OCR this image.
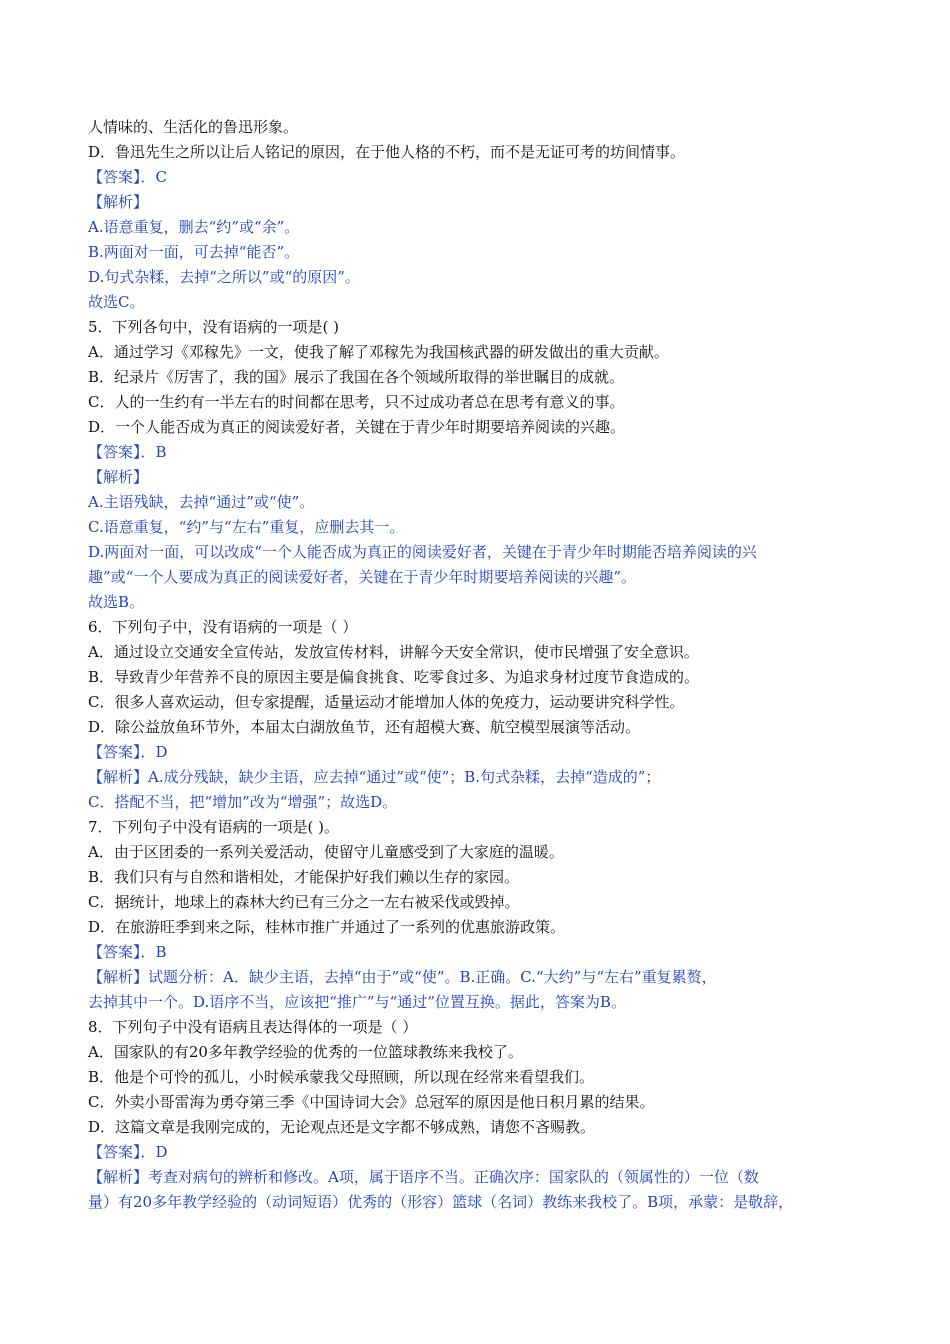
人情味的、生活化的鲁迅形象。
D．鲁迅先生之所以让后人铭记的原因，在于他人格的不朽，而不是无证可考的坊间情事。
【答案】．C
【解析】
A.语意重复，删去“约”或“余”。
B.两面对一面，可去掉“能否”。
D.句式杂糅，去掉“之所以”或“的原因”。
故选C。
5．下列各句中，没有语病的一项是( )
A．通过学习《邓稼先》一文，使我了解了邓稼先为我国核武器的研发做出的重大贡献。
B．纪录片《厉害了，我的国》展示了我国在各个领域所取得的举世瞩目的成就。
C．人的一生约有一半左右的时间都在思考，只不过成功者总在思考有意义的事。
D．一个人能否成为真正的阅读爱好者，关键在于青少年时期要培养阅读的兴趣。
【答案】．B
【解析】
A.主语残缺，去掉“通过”或“使”。
C.语意重复，“约”与“左右”重复，应删去其一。
D.两面对一面，可以改成“一个人能否成为真正的阅读爱好者，关键在于青少年时期能否培养阅读的兴
趣”或“一个人要成为真正的阅读爱好者，关键在于青少年时期要培养阅读的兴趣”。
故选B。
6．下列句子中，没有语病的一项是（ ）
A．通过设立交通安全宣传站，发放宣传材料，讲解今天安全常识，使市民增强了安全意识。
B．导致青少年营养不良的原因主要是偏食挑食、吃零食过多、为追求身材过度节食造成的。
C．很多人喜欢运动，但专家提醒，适量运动才能增加人体的免疫力，运动要讲究科学性。
D．除公益放鱼环节外，本届太白湖放鱼节，还有超模大赛、航空模型展演等活动。
【答案】．D
【解析】A.成分残缺，缺少主语，应去掉“通过”或“使”；B.句式杂糅，去掉“造成的”；
C．搭配不当，把“增加”改为“增强”；故选D。
7．下列句子中没有语病的一项是( )。
A．由于区团委的一系列关爱活动，使留守儿童感受到了大家庭的温暖。
B．我们只有与自然和谐相处，才能保护好我们赖以生存的家园。
C．据统计，地球上的森林大约已有三分之一左右被采伐或毁掉。
D．在旅游旺季到来之际，桂林市推广并通过了一系列的优惠旅游政策。
【答案】．B
【解析】试题分析：A．缺少主语，去掉“由于”或“使”。B.正确。C.“大约”与“左右”重复累赘，
去掉其中一个。D.语序不当，应该把“推广”与“通过”位置互换。据此，答案为B。
8．下列句子中没有语病且表达得体的一项是（ ）
A．国家队的有20多年教学经验的优秀的一位篮球教练来我校了。
B．他是个可怜的孤儿，小时候承蒙我父母照顾，所以现在经常来看望我们。
C．外卖小哥雷海为勇夺第三季《中国诗词大会》总冠军的原因是他日积月累的结果。
D．这篇文章是我刚完成的，无论观点还是文字都不够成熟，请您不吝赐教。
【答案】．D
【解析】考查对病句的辨析和修改。A项，属于语序不当。正确次序：国家队的（领属性的）一位（数
量）有20多年教学经验的（动词短语）优秀的（形容）篮球（名词）教练来我校了。B项，承蒙：是敬辞，
